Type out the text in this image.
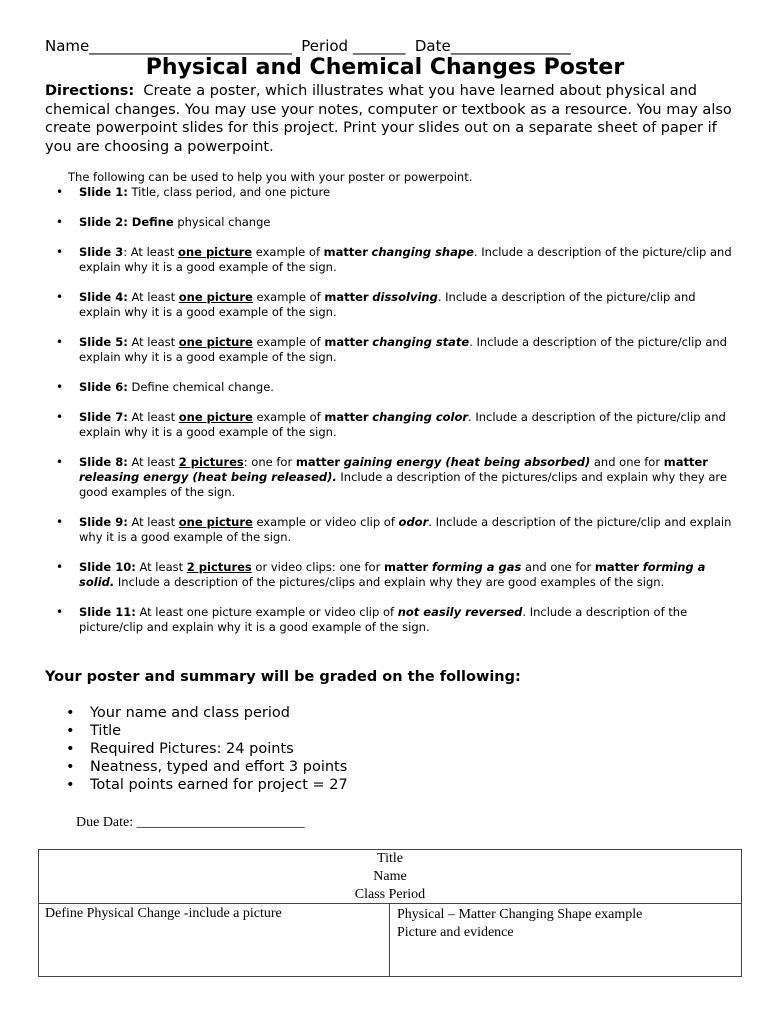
Name___________________________  Period _______  Date________________
Physical and Chemical Changes Poster
Directions: Create a poster, which illustrates what you have learned about physical and chemical changes. You may use your notes, computer or textbook as a resource. You may also create powerpoint slides for this project. Print your slides out on a separate sheet of paper if you are choosing a powerpoint.
The following can be used to help you with your poster or powerpoint.
• Slide 1: Title, class period, and one picture
• Slide 2: Define physical change
• Slide 3: At least one picture example of matter changing shape. Include a description of the picture/clip and explain why it is a good example of the sign.
• Slide 4: At least one picture example of matter dissolving. Include a description of the picture/clip and explain why it is a good example of the sign.
• Slide 5: At least one picture example of matter changing state. Include a description of the picture/clip and explain why it is a good example of the sign.
• Slide 6: Define chemical change.
• Slide 7: At least one picture example of matter changing color. Include a description of the picture/clip and explain why it is a good example of the sign.
• Slide 8: At least 2 pictures: one for matter gaining energy (heat being absorbed) and one for matter releasing energy (heat being released). Include a description of the pictures/clips and explain why they are good examples of the sign.
• Slide 9: At least one picture example or video clip of odor. Include a description of the picture/clip and explain why it is a good example of the sign.
• Slide 10: At least 2 pictures or video clips: one for matter forming a gas and one for matter forming a solid. Include a description of the pictures/clips and explain why they are good examples of the sign.
• Slide 11: At least one picture example or video clip of not easily reversed. Include a description of the picture/clip and explain why it is a good example of the sign.
Your poster and summary will be graded on the following:
• Your name and class period
• Title
• Required Pictures: 24 points
• Neatness, typed and effort 3 points
• Total points earned for project = 27
Due Date: ________________________
Title
Name
Class Period
Define Physical Change -include a picture	Physical – Matter Changing Shape example
Picture and evidence
